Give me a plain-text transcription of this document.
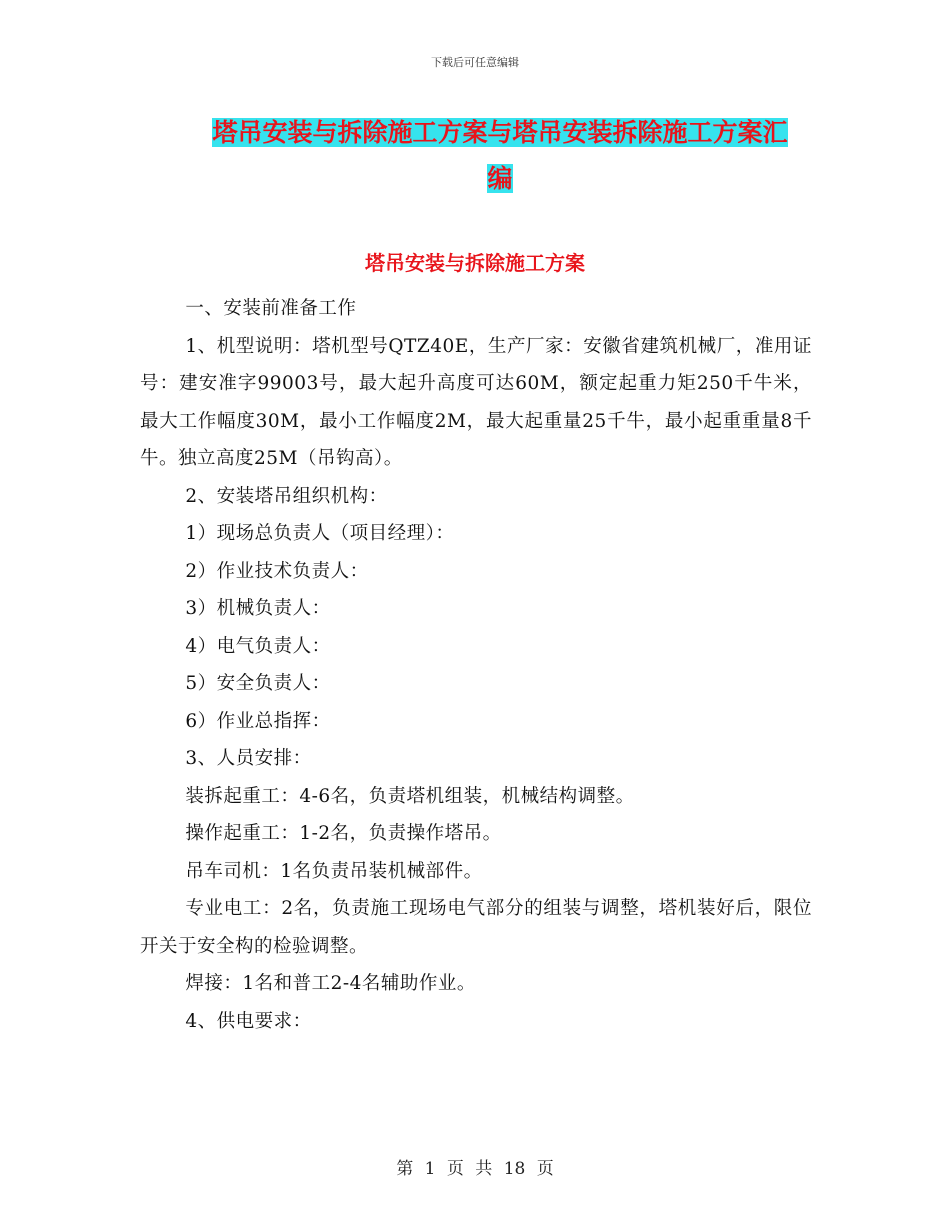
下载后可任意编辑
塔吊安装与拆除施工方案与塔吊安装拆除施工方案汇
编
塔吊安装与拆除施工方案

一、安装前准备工作

1、机型说明：塔机型号QTZ40E，生产厂家：安徽省建筑机械厂，准用证号：建安准字99003号，最大起升高度可达60M，额定起重力矩250千牛米，最大工作幅度30M，最小工作幅度2M，最大起重量25千牛，最小起重重量8千牛。独立高度25M（吊钩高）。

2、安装塔吊组织机构：

1）现场总负责人（项目经理）：

2）作业技术负责人：

3）机械负责人：

4）电气负责人：

5）安全负责人：

6）作业总指挥：

3、人员安排：

装拆起重工：4-6名，负责塔机组装，机械结构调整。

操作起重工：1-2名，负责操作塔吊。

吊车司机：1名负责吊装机械部件。

专业电工：2名，负责施工现场电气部分的组装与调整，塔机装好后，限位开关于安全构的检验调整。

焊接：1名和普工2-4名辅助作业。

4、供电要求：

第 1 页 共 18 页
